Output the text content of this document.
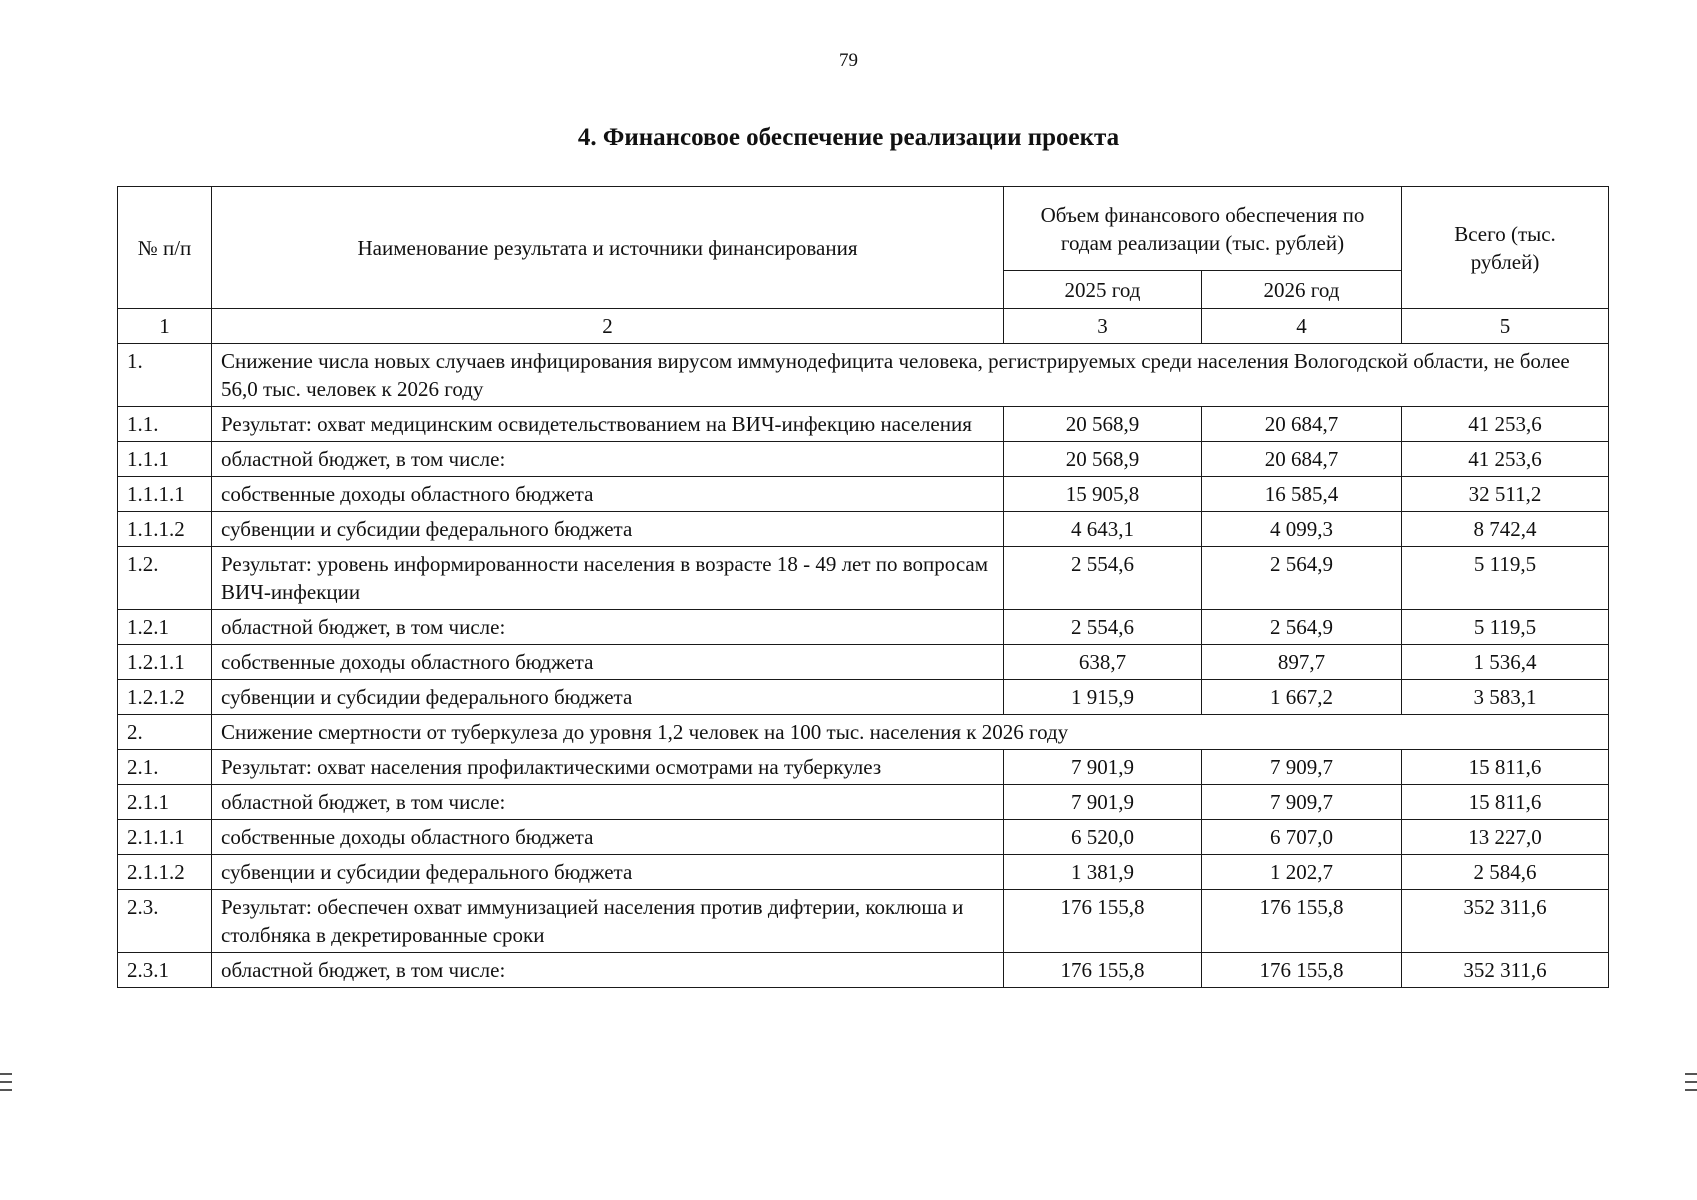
79
4. Финансовое обеспечение реализации проекта
№ п/п	Наименование результата и источники финансирования	Объем финансового обеспечения по годам реализации (тыс. рублей)		Всего (тыс. рублей)
		2025 год	2026 год	
1	2	3	4	5
1.	Снижение числа новых случаев инфицирования вирусом иммунодефицита человека, регистрируемых среди населения Вологодской области, не более 56,0 тыс. человек к 2026 году			
1.1.	Результат: охват медицинским освидетельствованием на ВИЧ-инфекцию населения	20 568,9	20 684,7	41 253,6
1.1.1	областной бюджет, в том числе:	20 568,9	20 684,7	41 253,6
1.1.1.1	собственные доходы областного бюджета	15 905,8	16 585,4	32 511,2
1.1.1.2	субвенции и субсидии федерального бюджета	4 643,1	4 099,3	8 742,4
1.2.	Результат: уровень информированности населения в возрасте 18 - 49 лет по вопросам ВИЧ-инфекции	2 554,6	2 564,9	5 119,5
1.2.1	областной бюджет, в том числе:	2 554,6	2 564,9	5 119,5
1.2.1.1	собственные доходы областного бюджета	638,7	897,7	1 536,4
1.2.1.2	субвенции и субсидии федерального бюджета	1 915,9	1 667,2	3 583,1
2.	Снижение смертности от туберкулеза до уровня 1,2 человек на 100 тыс. населения к 2026 году			
2.1.	Результат: охват населения профилактическими осмотрами на туберкулез	7 901,9	7 909,7	15 811,6
2.1.1	областной бюджет, в том числе:	7 901,9	7 909,7	15 811,6
2.1.1.1	собственные доходы областного бюджета	6 520,0	6 707,0	13 227,0
2.1.1.2	субвенции и субсидии федерального бюджета	1 381,9	1 202,7	2 584,6
2.3.	Результат: обеспечен охват иммунизацией населения против дифтерии, коклюша и столбняка в декретированные сроки	176 155,8	176 155,8	352 311,6
2.3.1	областной бюджет, в том числе:	176 155,8	176 155,8	352 311,6
